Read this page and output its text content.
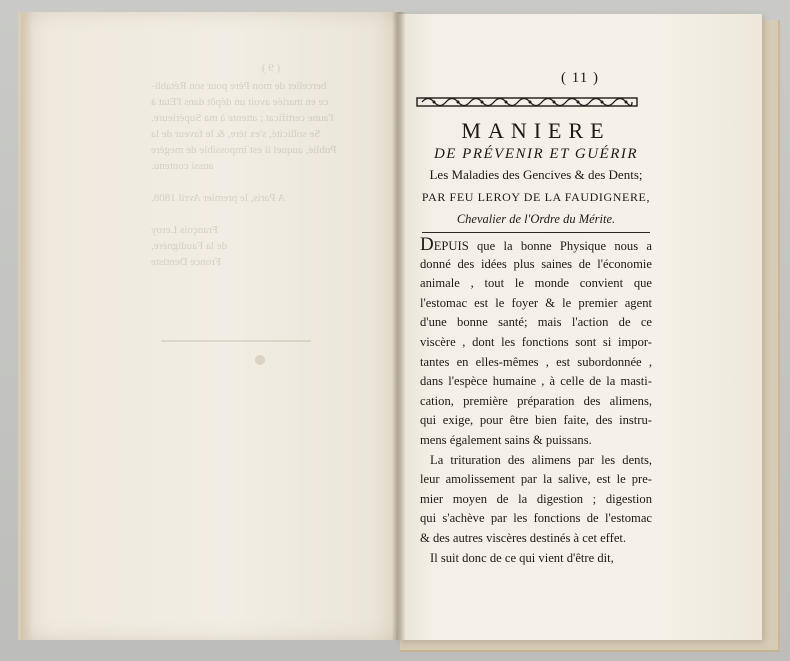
( 9 )
berceller de mon Père pour son Rétabli-
ce en mariée avoit un dépôt dans l'Etat à
l'aune certificat ; attente à ma Supérieure.
Se sollicité, s'ex tère, & le faveur de la
Publié, auquel il est impossible de megère
aussi contenu.
A Paris, le premier Avril 1808.
François Leroy
de la Faudignère,
Fronce Dentiste
( 11 )
MANIERE
DE PRÉVENIR ET GUÉRIR
Les Maladies des Gencives & des Dents;
PAR FEU LEROY DE LA FAUDIGNERE,
Chevalier de l'Ordre du Mérite.
DEPUIS que la bonne Physique nous a
donné des idées plus saines de l'économie
animale , tout le monde convient que
l'estomac est le foyer & le premier agent
d'une bonne santé; mais l'action de ce
viscère , dont les fonctions sont si impor-
tantes en elles-mêmes , est subordonnée ,
dans l'espèce humaine , à celle de la masti-
cation, première préparation des alimens,
qui exige, pour être bien faite, des instru-
mens également sains & puissans.
La trituration des alimens par les dents,
leur amolissement par la salive, est le pre-
mier moyen de la digestion ; digestion
qui s'achève par les fonctions de l'estomac
& des autres viscères destinés à cet effet.
Il suit donc de ce qui vient d'être dit,
